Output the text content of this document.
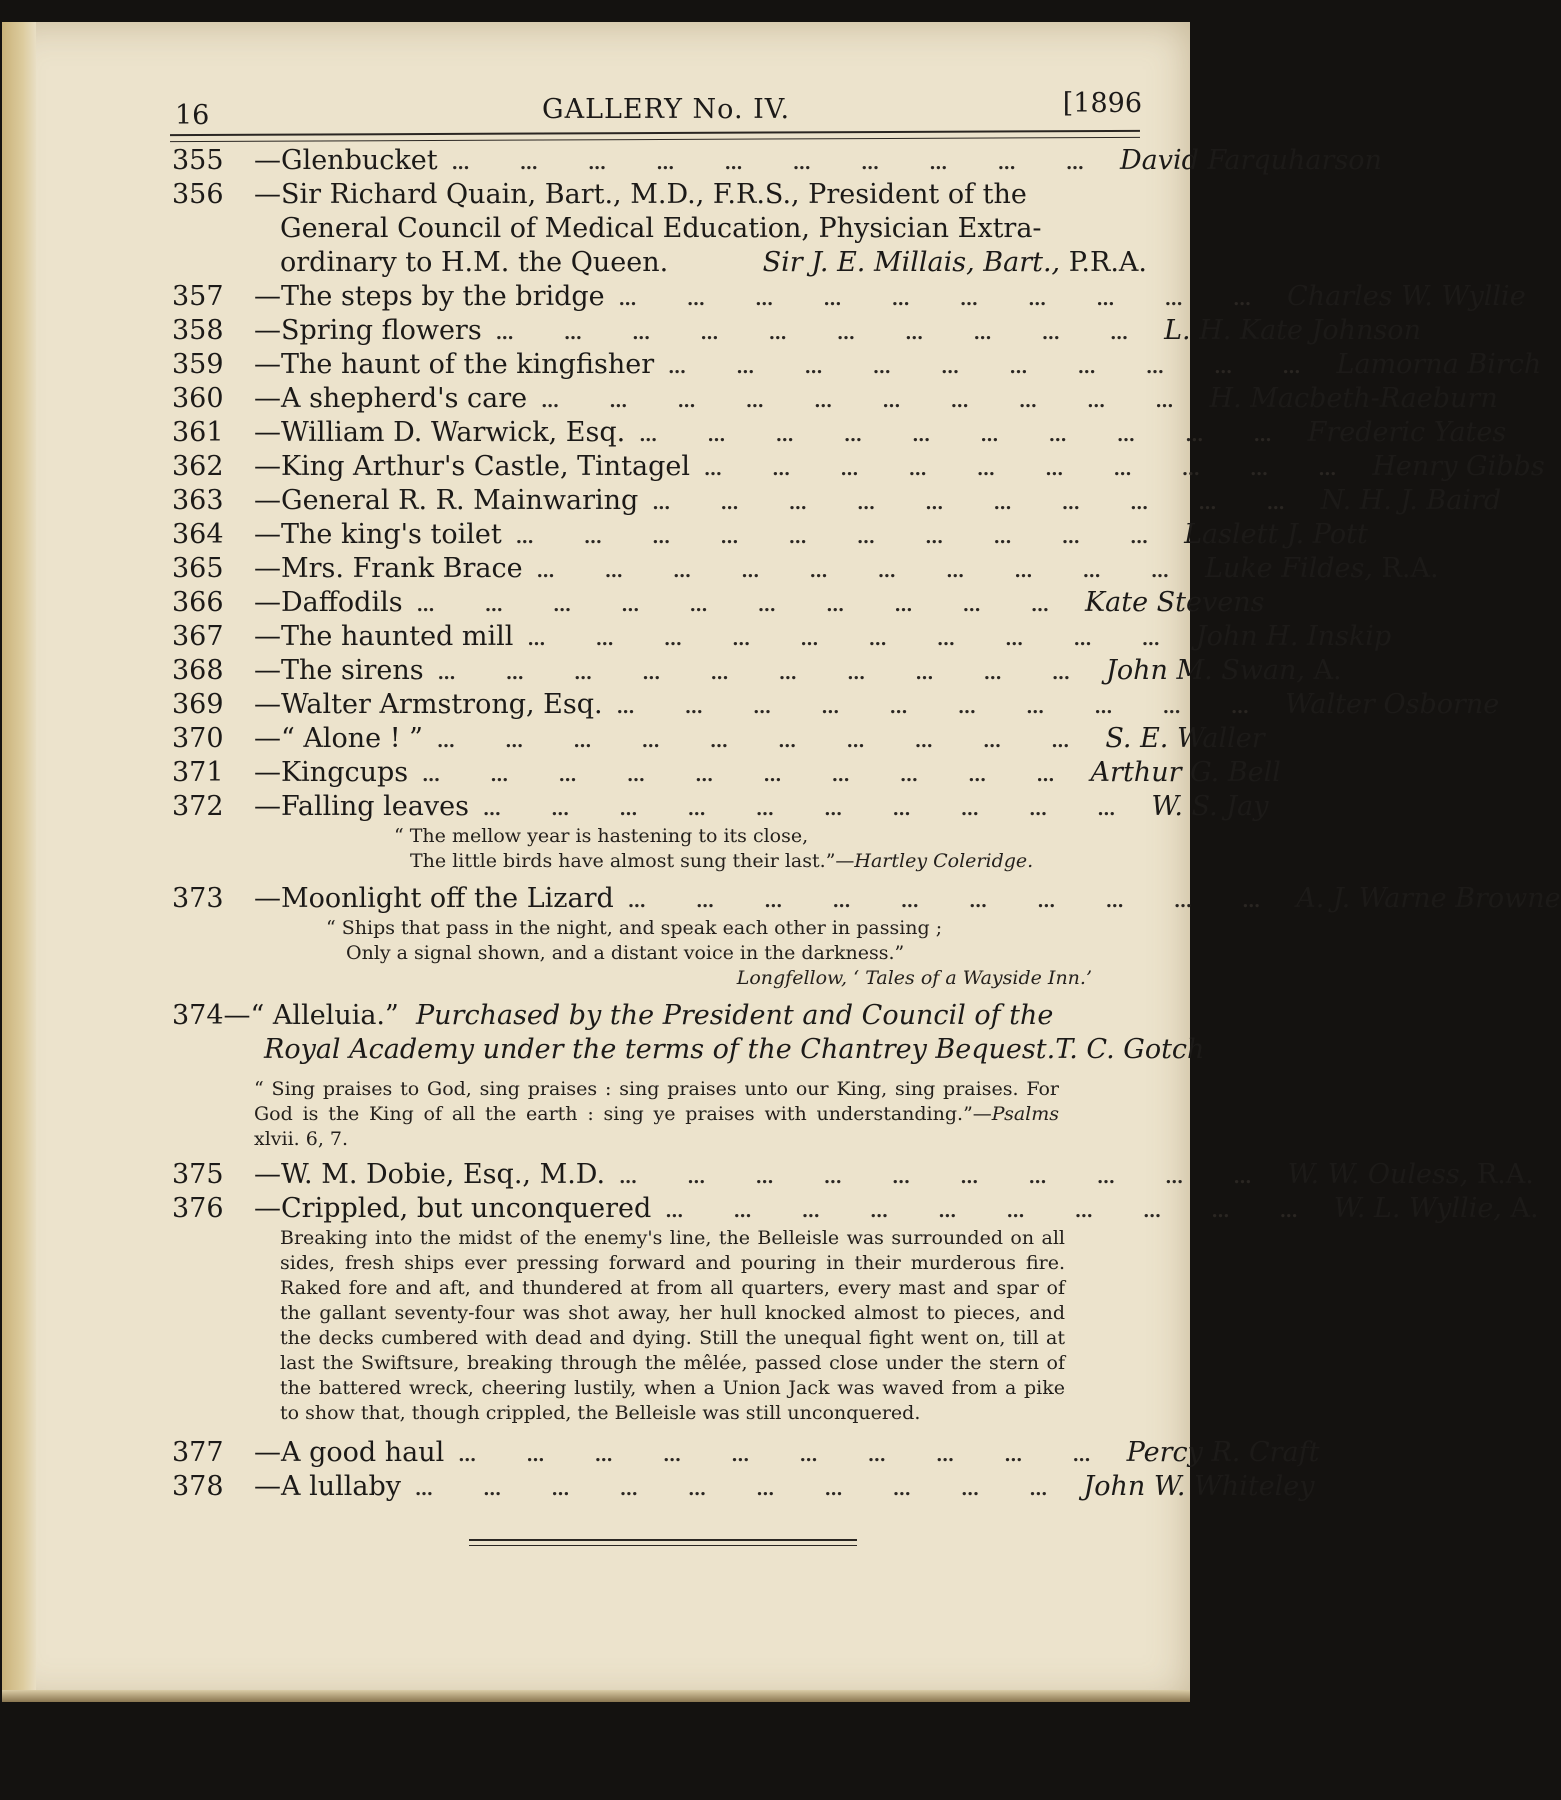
16	GALLERY No. IV.	[1896
355	— Glenbucket … … … … … … … … … … David Farquharson
356	— Sir Richard Quain, Bart., M.D., F.R.S., President of the
General Council of Medical Education, Physician Extra-
ordinary to H.M. the Queen.	Sir J. E. Millais, Bart., P.R.A.
357	— The steps by the bridge … … … … … … … … … … Charles W. Wyllie
358	— Spring flowers … … … … … … … … … … L. H. Kate Johnson
359	— The haunt of the kingfisher … … … … … … … … … … Lamorna Birch
360	— A shepherd's care … … … … … … … … … … H. Macbeth-Raeburn
361	— William D. Warwick, Esq. … … … … … … … … … … Frederic Yates
362	— King Arthur's Castle, Tintagel … … … … … … … … … … Henry Gibbs
363	— General R. R. Mainwaring … … … … … … … … … … N. H. J. Baird
364	— The king's toilet … … … … … … … … … … Laslett J. Pott
365	— Mrs. Frank Brace … … … … … … … … … … Luke Fildes, R.A.
366	— Daffodils … … … … … … … … … … Kate Stevens
367	— The haunted mill … … … … … … … … … … John H. Inskip
368	— The sirens … … … … … … … … … … John M. Swan, A.
369	— Walter Armstrong, Esq. … … … … … … … … … … Walter Osborne
370	— “ Alone ! ” … … … … … … … … … … S. E. Waller
371	— Kingcups … … … … … … … … … … Arthur G. Bell
372	— Falling leaves … … … … … … … … … … W. S. Jay
“ The mellow year is hastening to its close,
The little birds have almost sung their last.”—Hartley Coleridge.
373	— Moonlight off the Lizard … … … … … … … … … … A. J. Warne Browne
“ Ships that pass in the night, and speak each other in passing ;
Only a signal shown, and a distant voice in the darkness.”
Longfellow, ‘ Tales of a Wayside Inn.’
374—“ Alleluia.” Purchased by the President and Council of the
Royal Academy under the terms of the Chantrey Bequest. T. C. Gotch
“ Sing praises to God, sing praises : sing praises unto our King, sing praises. For God is the King of all the earth : sing ye praises with understanding.”—Psalms xlvii. 6, 7.
375	— W. M. Dobie, Esq., M.D. … … … … … … … … … … W. W. Ouless, R.A.
376	— Crippled, but unconquered … … … … … … … … … … W. L. Wyllie, A.
Breaking into the midst of the enemy's line, the Belleisle was surrounded on all sides, fresh ships ever pressing forward and pouring in their murderous fire. Raked fore and aft, and thundered at from all quarters, every mast and spar of the gallant seventy-four was shot away, her hull knocked almost to pieces, and the decks cumbered with dead and dying. Still the unequal fight went on, till at last the Swiftsure, breaking through the mêlée, passed close under the stern of the battered wreck, cheering lustily, when a Union Jack was waved from a pike to show that, though crippled, the Belleisle was still unconquered.
377	— A good haul … … … … … … … … … … Percy R. Craft
378	— A lullaby … … … … … … … … … … John W. Whiteley
